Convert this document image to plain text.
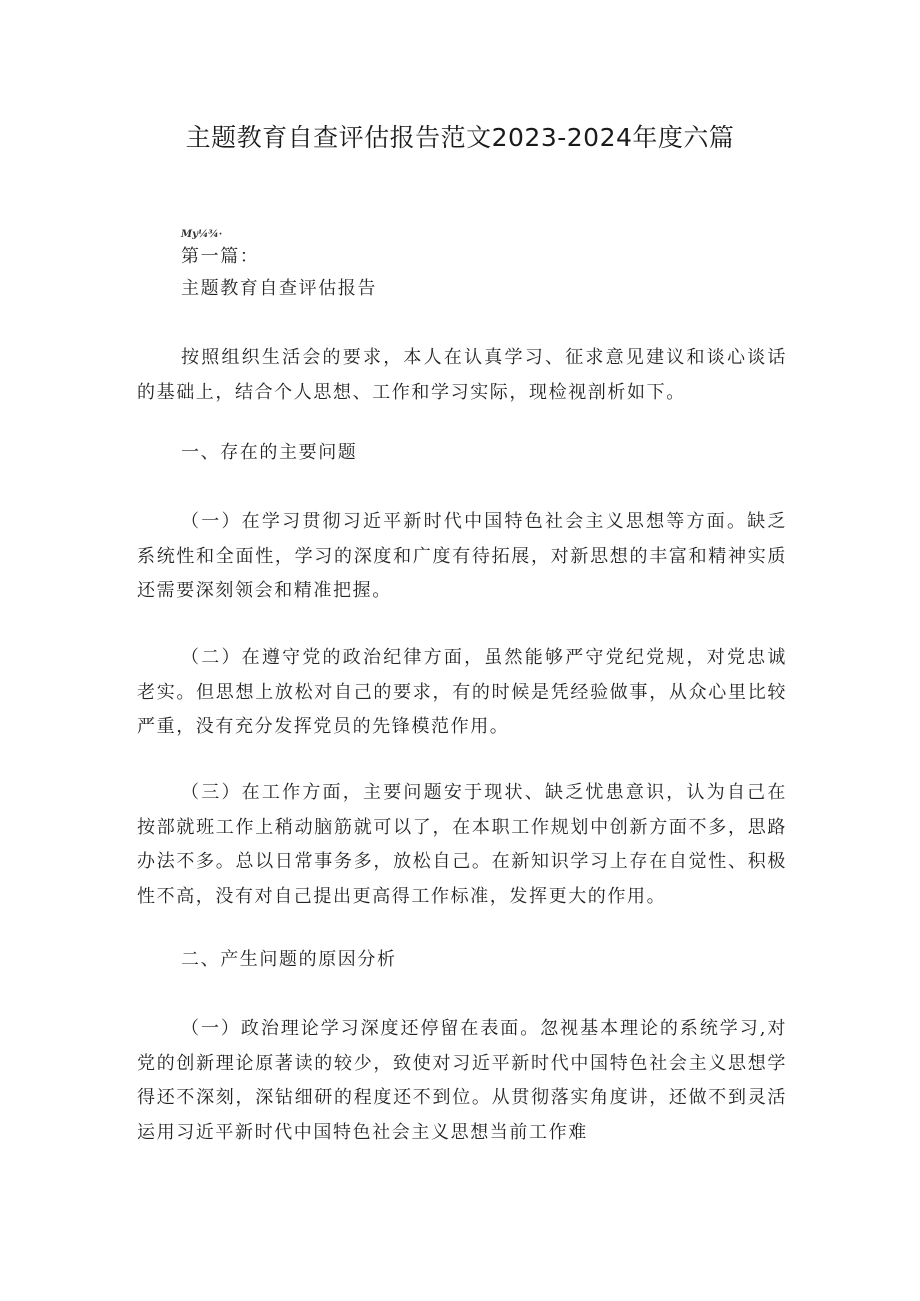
主题教育自查评估报告范文2023-2024年度六篇
My¼¾·
第一篇：
主题教育自查评估报告
按照组织生活会的要求，本人在认真学习、征求意见建议和谈心谈话的基础上，结合个人思想、工作和学习实际，现检视剖析如下。
一、存在的主要问题
（一）在学习贯彻习近平新时代中国特色社会主义思想等方面。缺乏系统性和全面性，学习的深度和广度有待拓展，对新思想的丰富和精神实质还需要深刻领会和精准把握。
（二）在遵守党的政治纪律方面，虽然能够严守党纪党规，对党忠诚老实。但思想上放松对自己的要求，有的时候是凭经验做事，从众心里比较严重，没有充分发挥党员的先锋模范作用。
（三）在工作方面，主要问题安于现状、缺乏忧患意识，认为自己在按部就班工作上稍动脑筋就可以了，在本职工作规划中创新方面不多，思路办法不多。总以日常事务多，放松自己。在新知识学习上存在自觉性、积极性不高，没有对自己提出更高得工作标准，发挥更大的作用。
二、产生问题的原因分析
（一）政治理论学习深度还停留在表面。忽视基本理论的系统学习,对党的创新理论原著读的较少，致使对习近平新时代中国特色社会主义思想学得还不深刻，深钻细研的程度还不到位。从贯彻落实角度讲，还做不到灵活运用习近平新时代中国特色社会主义思想当前工作难
